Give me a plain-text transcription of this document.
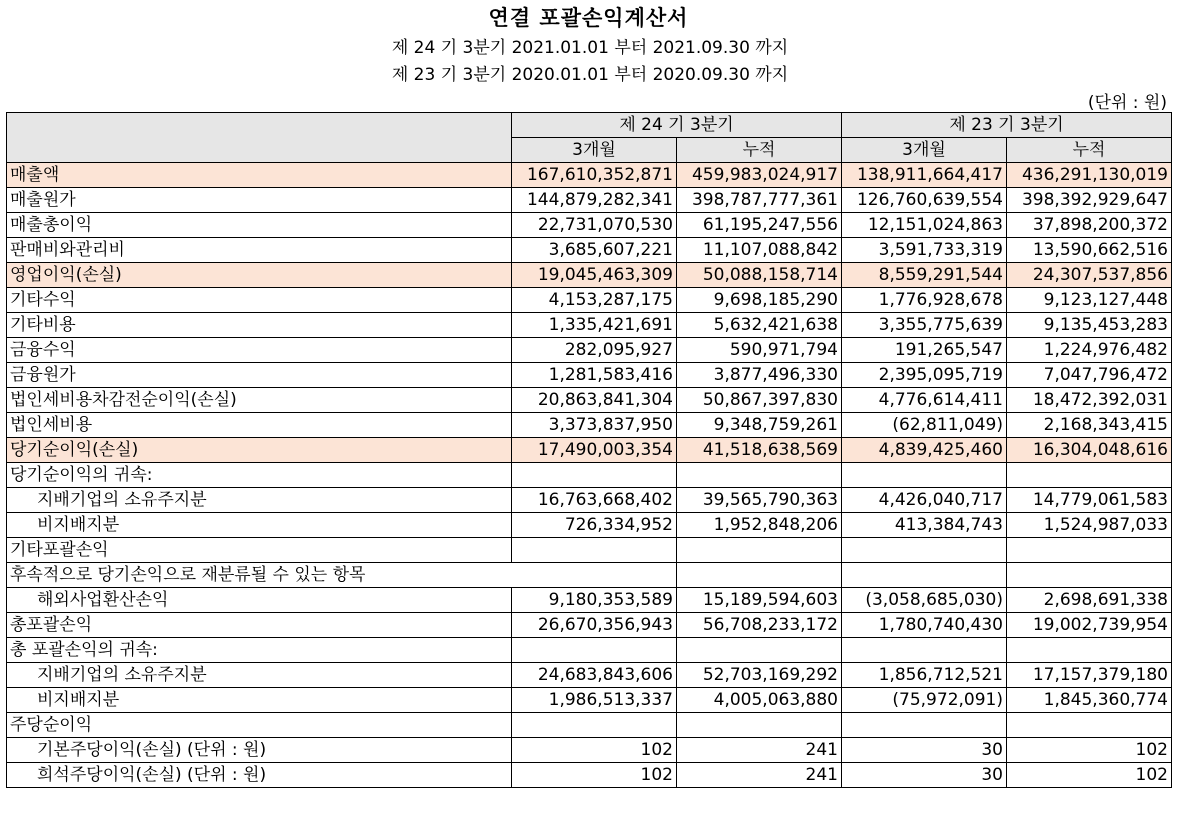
연결 포괄손익계산서
제 24 기 3분기 2021.01.01 부터 2021.09.30 까지
제 23 기 3분기 2020.01.01 부터 2020.09.30 까지
(단위 : 원)
	제 24 기 3분기		제 23 기 3분기	
	3개월	누적	3개월	누적
매출액	167,610,352,871	459,983,024,917	138,911,664,417	436,291,130,019
매출원가	144,879,282,341	398,787,777,361	126,760,639,554	398,392,929,647
매출총이익	22,731,070,530	61,195,247,556	12,151,024,863	37,898,200,372
판매비와관리비	3,685,607,221	11,107,088,842	3,591,733,319	13,590,662,516
영업이익(손실)	19,045,463,309	50,088,158,714	8,559,291,544	24,307,537,856
기타수익	4,153,287,175	9,698,185,290	1,776,928,678	9,123,127,448
기타비용	1,335,421,691	5,632,421,638	3,355,775,639	9,135,453,283
금융수익	282,095,927	590,971,794	191,265,547	1,224,976,482
금융원가	1,281,583,416	3,877,496,330	2,395,095,719	7,047,796,472
법인세비용차감전순이익(손실)	20,863,841,304	50,867,397,830	4,776,614,411	18,472,392,031
법인세비용	3,373,837,950	9,348,759,261	(62,811,049)	2,168,343,415
당기순이익(손실)	17,490,003,354	41,518,638,569	4,839,425,460	16,304,048,616
당기순이익의 귀속:				
지배기업의 소유주지분	16,763,668,402	39,565,790,363	4,426,040,717	14,779,061,583
비지배지분	726,334,952	1,952,848,206	413,384,743	1,524,987,033
기타포괄손익				
후속적으로 당기손익으로 재분류될 수 있는 항목				
해외사업환산손익	9,180,353,589	15,189,594,603	(3,058,685,030)	2,698,691,338
총포괄손익	26,670,356,943	56,708,233,172	1,780,740,430	19,002,739,954
총 포괄손익의 귀속:				
지배기업의 소유주지분	24,683,843,606	52,703,169,292	1,856,712,521	17,157,379,180
비지배지분	1,986,513,337	4,005,063,880	(75,972,091)	1,845,360,774
주당순이익				
기본주당이익(손실) (단위 : 원)	102	241	30	102
희석주당이익(손실) (단위 : 원)	102	241	30	102
